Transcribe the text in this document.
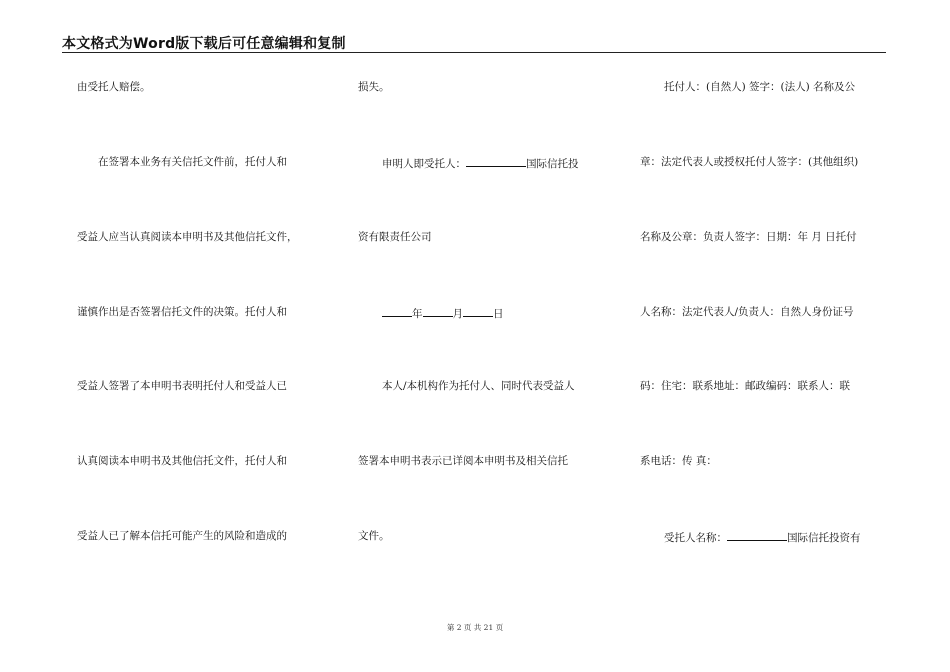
本文格式为Word版下载后可任意编辑和复制
由受托人赔偿。
在签署本业务有关信托文件前，托付人和
受益人应当认真阅读本申明书及其他信托文件，
谨慎作出是否签署信托文件的决策。托付人和
受益人签署了本申明书表明托付人和受益人已
认真阅读本申明书及其他信托文件，托付人和
受益人已了解本信托可能产生的风险和造成的
损失。
申明人即受托人：	国际信托投
资有限责任公司
年	月	日
本人/本机构作为托付人、同时代表受益人
签署本申明书表示已详阅本申明书及相关信托
文件。
托付人：(自然人) 签字：(法人) 名称及公
章：法定代表人或授权托付人签字：(其他组织)
名称及公章：负责人签字：日期：年 月 日托付
人名称：法定代表人/负责人：自然人身份证号
码：住宅：联系地址：邮政编码：联系人：联
系电话：传 真：
受托人名称：	国际信托投资有
第 2 页 共 21 页
